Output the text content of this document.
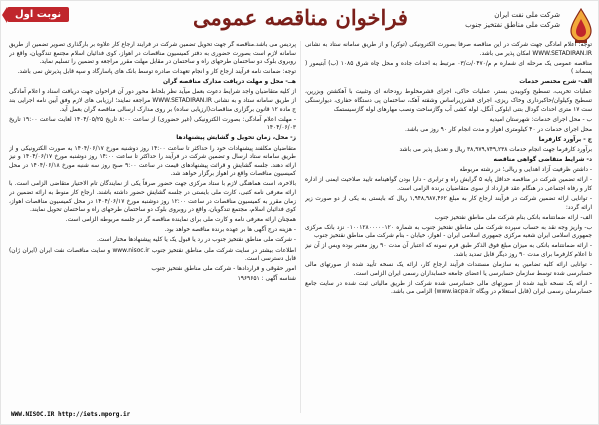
شرکت ملی نفت ایران
شرکت ملی مناطق نفتخیز جنوب
فراخوان مناقصه عمومی
نوبت اول

توجه: اعلام آمادگی جهت شرکت در این مناقصه صرفاً بصورت الکترونیکی (توکن) و از طریق سامانه ستاد به نشانی WWW.SETADIRAN.IR امکان پذیر می باشد.

مناقصه عمومی یک مرحله ای شماره م م/۰۴۷۰/ت/۰۳ مرتبط به احداث جاده و محل چاه شرق ۱۰۸۵ (ب) آبتیمور ( پسماند )

الف- شرح مختصر خدمات

عملیات تخریب، تسطیح وکوبیدن بستر، عملیات خاکی، اجرای قشرمخلوط رودخانه ای وتثبیت با آهکشتن وبزرین، تسطیح وکیلوان/خاکبرداری وخاک ریزی، اجرای قشرزیراساس وشفته آهک، ساختمان پی دستگاه حفاری، دیوارسنگی ست ۱۷ متری احداث گودال بتنی ابلوکی آنگل، لوله کشی آب وگازساخت ونصب مهارهای لوله گازسیستمک

ب - محل اجرای خدمات: شهرستان امیدیه

محل اجرای خدمات در ۴۰ کیلومتری اهواز و مدت انجام کار ۹۰ روز می باشد.

ج - برآورد کارفرما

برآورد کارفرما جهت انجام خدمات ۳۸,۹۷۹,۷۴۹,۲۳۸ ریال و تعدیل پذیر می باشد

د- شرایط متقاضی گواهی مناقصه

- داشتن ظرفیت آزاد اهدایی و ریالی؛ در رشته مربوطه

- ارائه تضمین شرکت در مناقصه حداقل پایه ۵ گرایش راه و ترابری - دارا بودن گواهینامه تایید صلاحیت ایمنی از اداره کار و رفاه اجتماعی در هنگام عقد قرارداد از سوی متقاضیان برنده الزامی است.

- توانایی ارائه تضمین شرکت در فرآیند ارجاع کار به مبلغ ۱,۹۴۸,۹۸۷,۴۶۲ ریال که بایستی به یکی از دو صورت زیر ارائه گردد:

الف- ارائه ضمانتنامه بانکی بنام شرکت ملی مناطق نفتخیز جنوب

ب- واریز وجه نقد به حساب سپرده شرکت ملی مناطق نفتخیز جنوب به شماره ۰۱۰۰۱۲۸۰۰۰۰۰۱۲۰ نزد بانک مرکزی جمهوری اسلامی ایران شعبه مرکزی جمهوری اسلامی ایران - اهواز، خیابان - بنام شرکت ملی مناطق نفتخیز جنوب

- ارائه ضمانتنامه بانکی به میزان مبلغ فوق الذکر طبق فرم نمونه که اعتبار آن مدت ۹۰ روز معتبر بوده ویس از آن نیز تا اعلام کارفرما برای مدت ۹۰ روز دیگر قابل تمدید باشد.

- توانایی ارائه کلیه تضامین به سازمان مستندات فرآیند ارجاع کار، ارائه یک نسخه تأیید شده از صورتهای مالی حسابرسی شده توسط سازمان حسابرسی یا اعضای جامعه حسابداران رسمی ایران الزامی است.

- ارائه یک نسخه تأیید شده از صورتهای مالی حسابرسی شده شرکت از طریق مالیاتی ثبت شده در سایت جامع حسابرسان رسمی ایران (قابل استعلام در وبگاه www.iacpa.ir) الزامی می باشد.

پردیس می باشد.مناقصه گر جهت تحویل تضمین شرکت در فرآیند ارجاع کار علاوه بر بارگذاری تصویر تضمین از طریق سامانه لازم است بصورت حضوری به دفتر کمیسیون مناقصات در اهواز، کوی فدائیان اسلام مجتمع تندگویان، واقع در روبروی بلوک دو ساختمان طرحهای راه و ساختمان در مقابل مهلت مقرر مراجعه و تضمین را تسلیم نماید.

توجه: ضمانت نامه فرآیند ارجاع کار و انجام تعهدات صادره توسط بانک های پاسارگاد و سپه قابل پذیرش نمی باشد.

هــ- محل و مهلت دریافت مدارک مناقصه گران

از کلیه متقاضیان واجد شرایط دعوت بعمل میآید نظر بلحاظ محور دور آن فراخوان جهت دریافت اسناد و اعلام آمادگی از طریق سامانه ستاد و به نشانی WWW.SETADIRAN.IR مراجعه نمایند؛ ارزیابی های لازم وفق آیین نامه اجرایی بند ج ماده ۱۲ قانون برگزاری مناقصات(ارزیابی ساده) بر روی مدارک ارسالی مناقصه گران بعمل آید.

- مهلت اعلام آمادگی: بصورت الکترونیکی (غیر حضوری) از ساعت ۸:۰۰ تاریخ ۱۴۰۴/۰۵/۲۵ لغایت ساعت ۱۹:۰۰ تاریخ ۱۴۰۴/۰۶/۰۳

ز- محل، زمان تحویل و گشایش پیشنهادها

متقاضیان مکلفند پیشنهادات خود را حداکثر تا ساعت ۱۴:۰۰ روز دوشنبه مورخ ۱۴۰۴/۰۶/۱۷ به صورت الکترونیکی و از طریق سامانه ستاد ارسال و تضمین شرکت در فرآیند را حداکثر تا ساعت ۱۴:۰۰ روز دوشنبه مورخ ۱۴۰۴/۰۶/۱۷ و نیز ارائه دهند. جلسه گشایش و قرائت پیشنهادهای قیمت در ساعت ۹:۰۰ صبح روز سه شنبه مورخ ۱۴۰۴/۰۶/۱۸ در محل کمیسیون مناقصات واقع در اهواز برگزار خواهد شد.

بالاخره، است هماهنگی لازم با ستاد مرکزی جهت حضور صرفاً یکی از نمایندگان تام الاختیار متقاضی الزامی است. با ارائه معرفی نامه کتبی، کارت ملی بایستی در جلسه گشایش حضور داشته باشند. ارجاع کار منوط به ارائه تضمین در زمان مقرر به کمیسیون مناقصات در ساعت ۱۲:۰۰ روز دوشنبه مورخ ۱۴۰۴/۰۶/۱۷ در محل کمیسیون مناقصات اهواز، کوی فدائیان اسلام، مجتمع تندگویان، واقع در روبروی بلوک دو ساختمان طرحهای راه و ساختمان تحویل نمایند.

همچنان ارائه معرفی نامه و کارت ملی برای نماینده مناقصه گر در جلسه مربوطه الزامی است.

- هزینه درج آگهی ها بر عهده برنده مناقصه خواهد بود.

- شرکت ملی مناطق نفتخیز جنوب در رد یا قبول یک یا کلیه پیشنهادها مختار است.

اطلاعات بیشتر در سایت شرکت ملی مناطق نفتخیز جنوب www.nisoc.ir و سایت مناقصات نفت ایران (ایران ژان) قابل دسترسی است.

امور حقوقی و قراردادها - شرکت ملی مناطق نفتخیز جنوب

شناسه آگهی : ۱۹۶۹۶۵۱

WWW.NISOC.IR http://iets.mporg.ir
